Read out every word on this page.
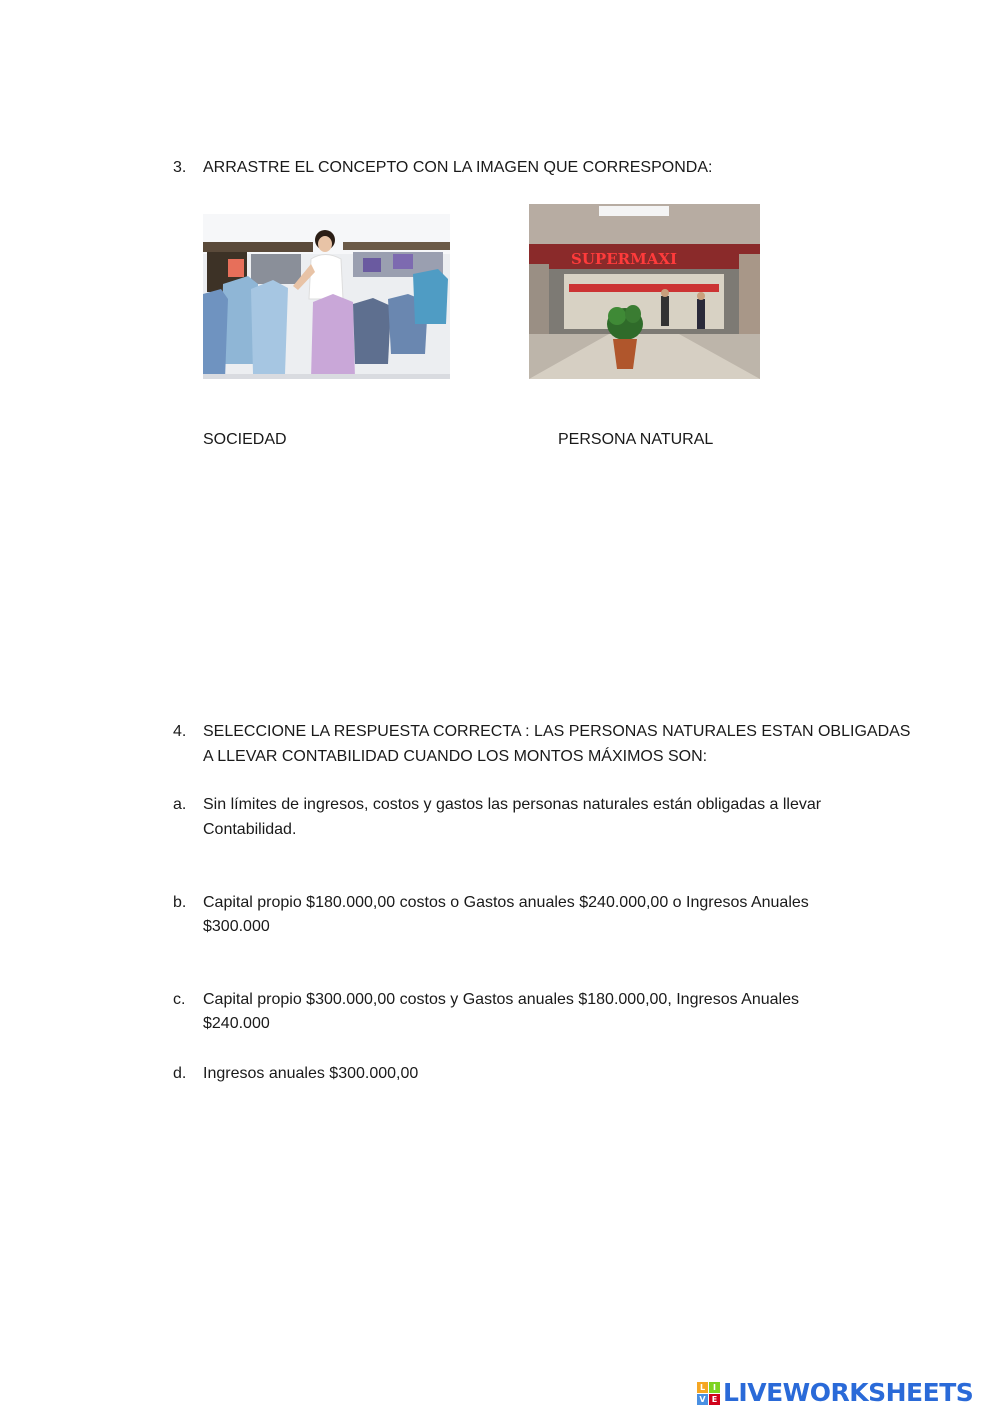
3. ARRASTRE EL CONCEPTO CON LA IMAGEN QUE CORRESPONDA:
SUPERMAXI
SOCIEDAD	PERSONA NATURAL
4. SELECCIONE LA RESPUESTA CORRECTA : LAS PERSONAS NATURALES ESTAN OBLIGADAS
A LLEVAR CONTABILIDAD CUANDO LOS MONTOS MÁXIMOS SON:
a. Sin límites de ingresos, costos y gastos las personas naturales están obligadas a llevar
Contabilidad.
b. Capital propio $180.000,00 costos o Gastos anuales $240.000,00 o Ingresos Anuales
$300.000
c. Capital propio $300.000,00 costos y Gastos anuales $180.000,00, Ingresos Anuales
$240.000
d. Ingresos anuales $300.000,00
L I
V E LIVEWORKSHEETS
